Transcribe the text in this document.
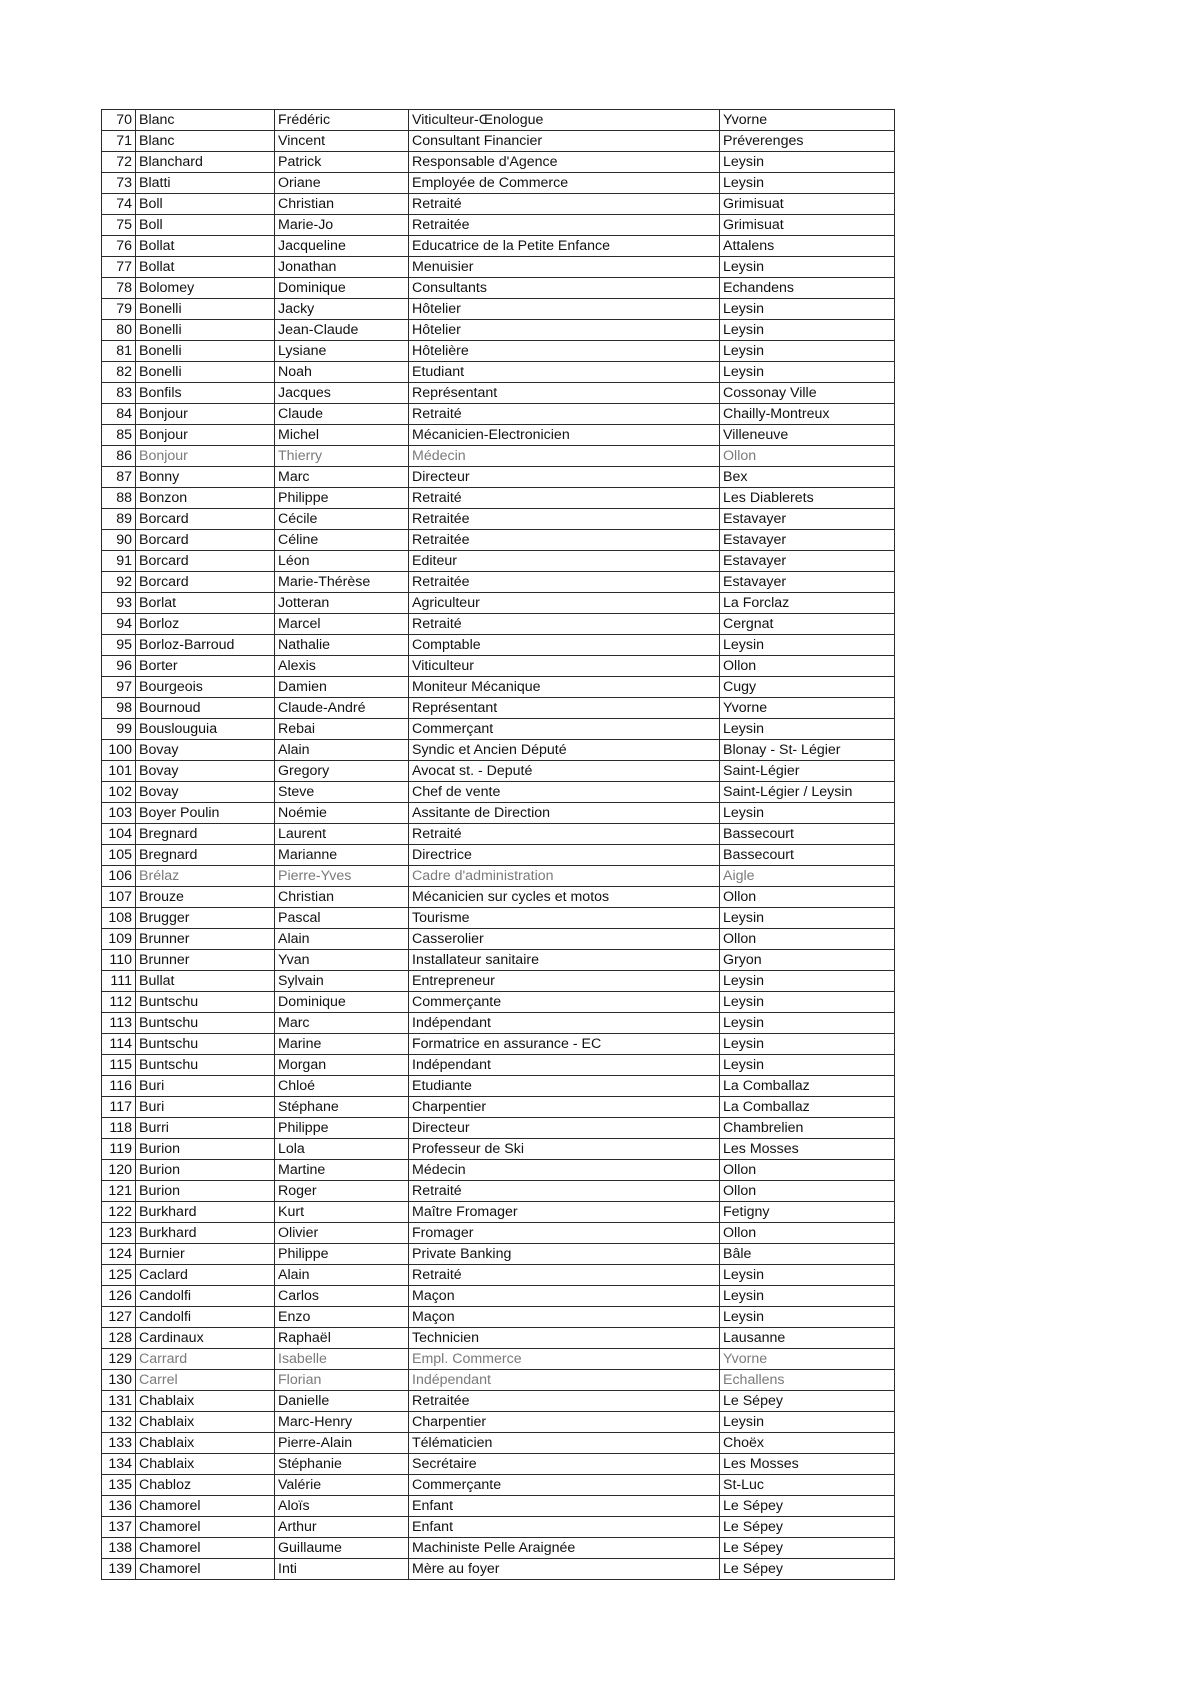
70	Blanc	Frédéric	Viticulteur-Œnologue	Yvorne
71	Blanc	Vincent	Consultant Financier	Préverenges
72	Blanchard	Patrick	Responsable d'Agence	Leysin
73	Blatti	Oriane	Employée de Commerce	Leysin
74	Boll	Christian	Retraité	Grimisuat
75	Boll	Marie-Jo	Retraitée	Grimisuat
76	Bollat	Jacqueline	Educatrice de la Petite Enfance	Attalens
77	Bollat	Jonathan	Menuisier	Leysin
78	Bolomey	Dominique	Consultants	Echandens
79	Bonelli	Jacky	Hôtelier	Leysin
80	Bonelli	Jean-Claude	Hôtelier	Leysin
81	Bonelli	Lysiane	Hôtelière	Leysin
82	Bonelli	Noah	Etudiant	Leysin
83	Bonfils	Jacques	Représentant	Cossonay Ville
84	Bonjour	Claude	Retraité	Chailly-Montreux
85	Bonjour	Michel	Mécanicien-Electronicien	Villeneuve
86	Bonjour	Thierry	Médecin	Ollon
87	Bonny	Marc	Directeur	Bex
88	Bonzon	Philippe	Retraité	Les Diablerets
89	Borcard	Cécile	Retraitée	Estavayer
90	Borcard	Céline	Retraitée	Estavayer
91	Borcard	Léon	Editeur	Estavayer
92	Borcard	Marie-Thérèse	Retraitée	Estavayer
93	Borlat	Jotteran	Agriculteur	La Forclaz
94	Borloz	Marcel	Retraité	Cergnat
95	Borloz-Barroud	Nathalie	Comptable	Leysin
96	Borter	Alexis	Viticulteur	Ollon
97	Bourgeois	Damien	Moniteur Mécanique	Cugy
98	Bournoud	Claude-André	Représentant	Yvorne
99	Bouslouguia	Rebai	Commerçant	Leysin
100	Bovay	Alain	Syndic et Ancien Député	Blonay - St- Légier
101	Bovay	Gregory	Avocat st. - Deputé	Saint-Légier
102	Bovay	Steve	Chef de vente	Saint-Légier / Leysin
103	Boyer Poulin	Noémie	Assitante de Direction	Leysin
104	Bregnard	Laurent	Retraité	Bassecourt
105	Bregnard	Marianne	Directrice	Bassecourt
106	Brélaz	Pierre-Yves	Cadre d'administration	Aigle
107	Brouze	Christian	Mécanicien sur cycles et motos	Ollon
108	Brugger	Pascal	Tourisme	Leysin
109	Brunner	Alain	Casserolier	Ollon
110	Brunner	Yvan	Installateur sanitaire	Gryon
111	Bullat	Sylvain	Entrepreneur	Leysin
112	Buntschu	Dominique	Commerçante	Leysin
113	Buntschu	Marc	Indépendant	Leysin
114	Buntschu	Marine	Formatrice en assurance - EC	Leysin
115	Buntschu	Morgan	Indépendant	Leysin
116	Buri	Chloé	Etudiante	La Comballaz
117	Buri	Stéphane	Charpentier	La Comballaz
118	Burri	Philippe	Directeur	Chambrelien
119	Burion	Lola	Professeur de Ski	Les Mosses
120	Burion	Martine	Médecin	Ollon
121	Burion	Roger	Retraité	Ollon
122	Burkhard	Kurt	Maître Fromager	Fetigny
123	Burkhard	Olivier	Fromager	Ollon
124	Burnier	Philippe	Private Banking	Bâle
125	Caclard	Alain	Retraité	Leysin
126	Candolfi	Carlos	Maçon	Leysin
127	Candolfi	Enzo	Maçon	Leysin
128	Cardinaux	Raphaël	Technicien	Lausanne
129	Carrard	Isabelle	Empl. Commerce	Yvorne
130	Carrel	Florian	Indépendant	Echallens
131	Chablaix	Danielle	Retraitée	Le Sépey
132	Chablaix	Marc-Henry	Charpentier	Leysin
133	Chablaix	Pierre-Alain	Télématicien	Choëx
134	Chablaix	Stéphanie	Secrétaire	Les Mosses
135	Chabloz	Valérie	Commerçante	St-Luc
136	Chamorel	Aloïs	Enfant	Le Sépey
137	Chamorel	Arthur	Enfant	Le Sépey
138	Chamorel	Guillaume	Machiniste Pelle Araignée	Le Sépey
139	Chamorel	Inti	Mère au foyer	Le Sépey
